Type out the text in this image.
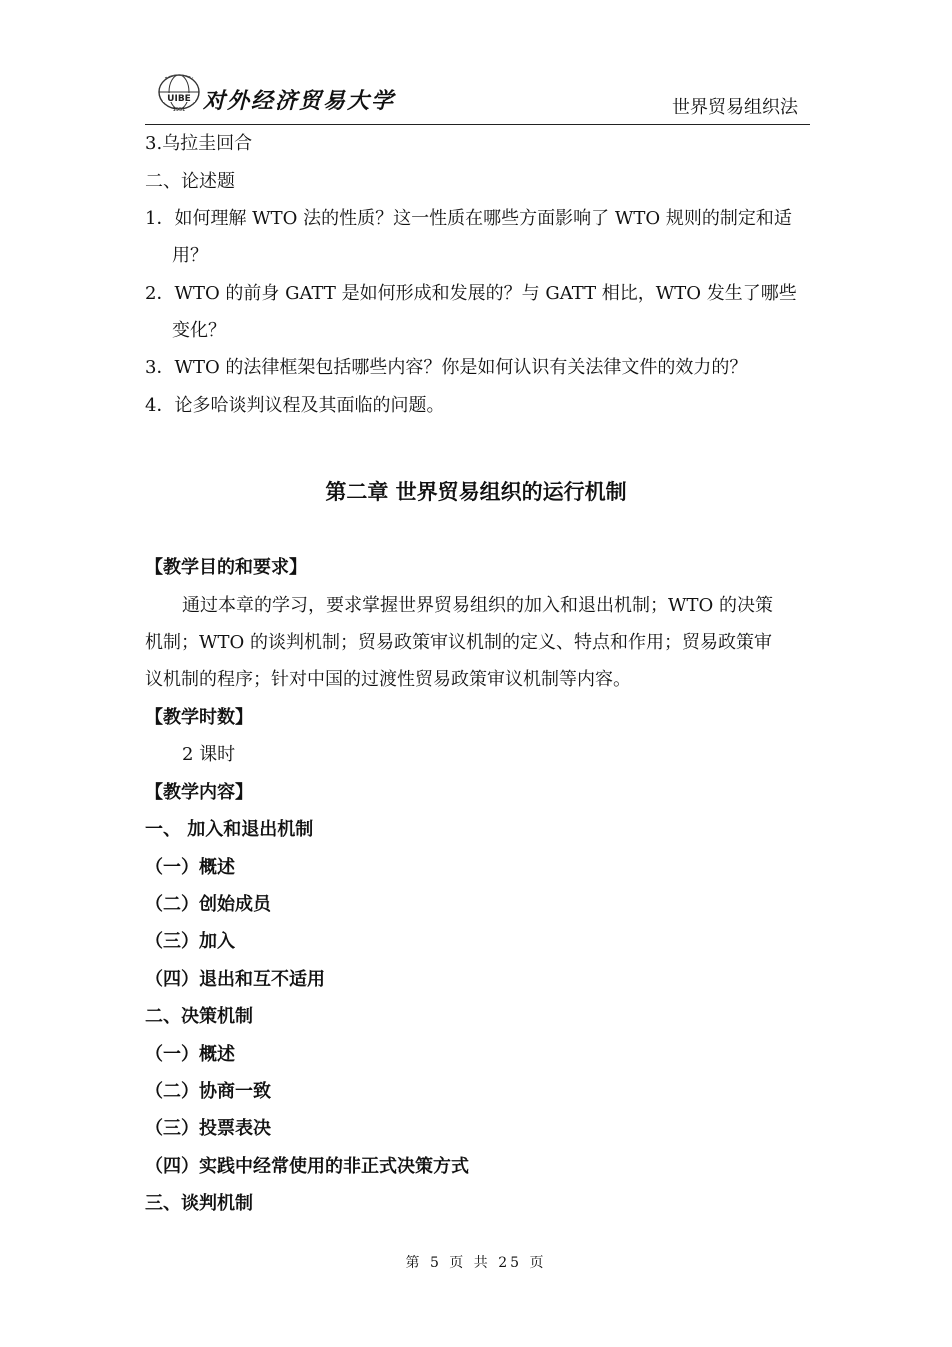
UIBE
1951 对外经济贸易大学	世界贸易组织法
3.乌拉圭回合
二、论述题
1．如何理解 WTO 法的性质？这一性质在哪些方面影响了 WTO 规则的制定和适
用？
2．WTO 的前身 GATT 是如何形成和发展的？与 GATT 相比，WTO 发生了哪些
变化？
3．WTO 的法律框架包括哪些内容？你是如何认识有关法律文件的效力的？
4．论多哈谈判议程及其面临的问题。
第二章 世界贸易组织的运行机制
【教学目的和要求】
通过本章的学习，要求掌握世界贸易组织的加入和退出机制；WTO 的决策
机制；WTO 的谈判机制；贸易政策审议机制的定义、特点和作用；贸易政策审
议机制的程序；针对中国的过渡性贸易政策审议机制等内容。
【教学时数】
2 课时
【教学内容】
一、 加入和退出机制
（一）概述
（二）创始成员
（三）加入
（四）退出和互不适用
二、决策机制
（一）概述
（二）协商一致
（三）投票表决
（四）实践中经常使用的非正式决策方式
三、谈判机制
第 5 页 共 25 页
